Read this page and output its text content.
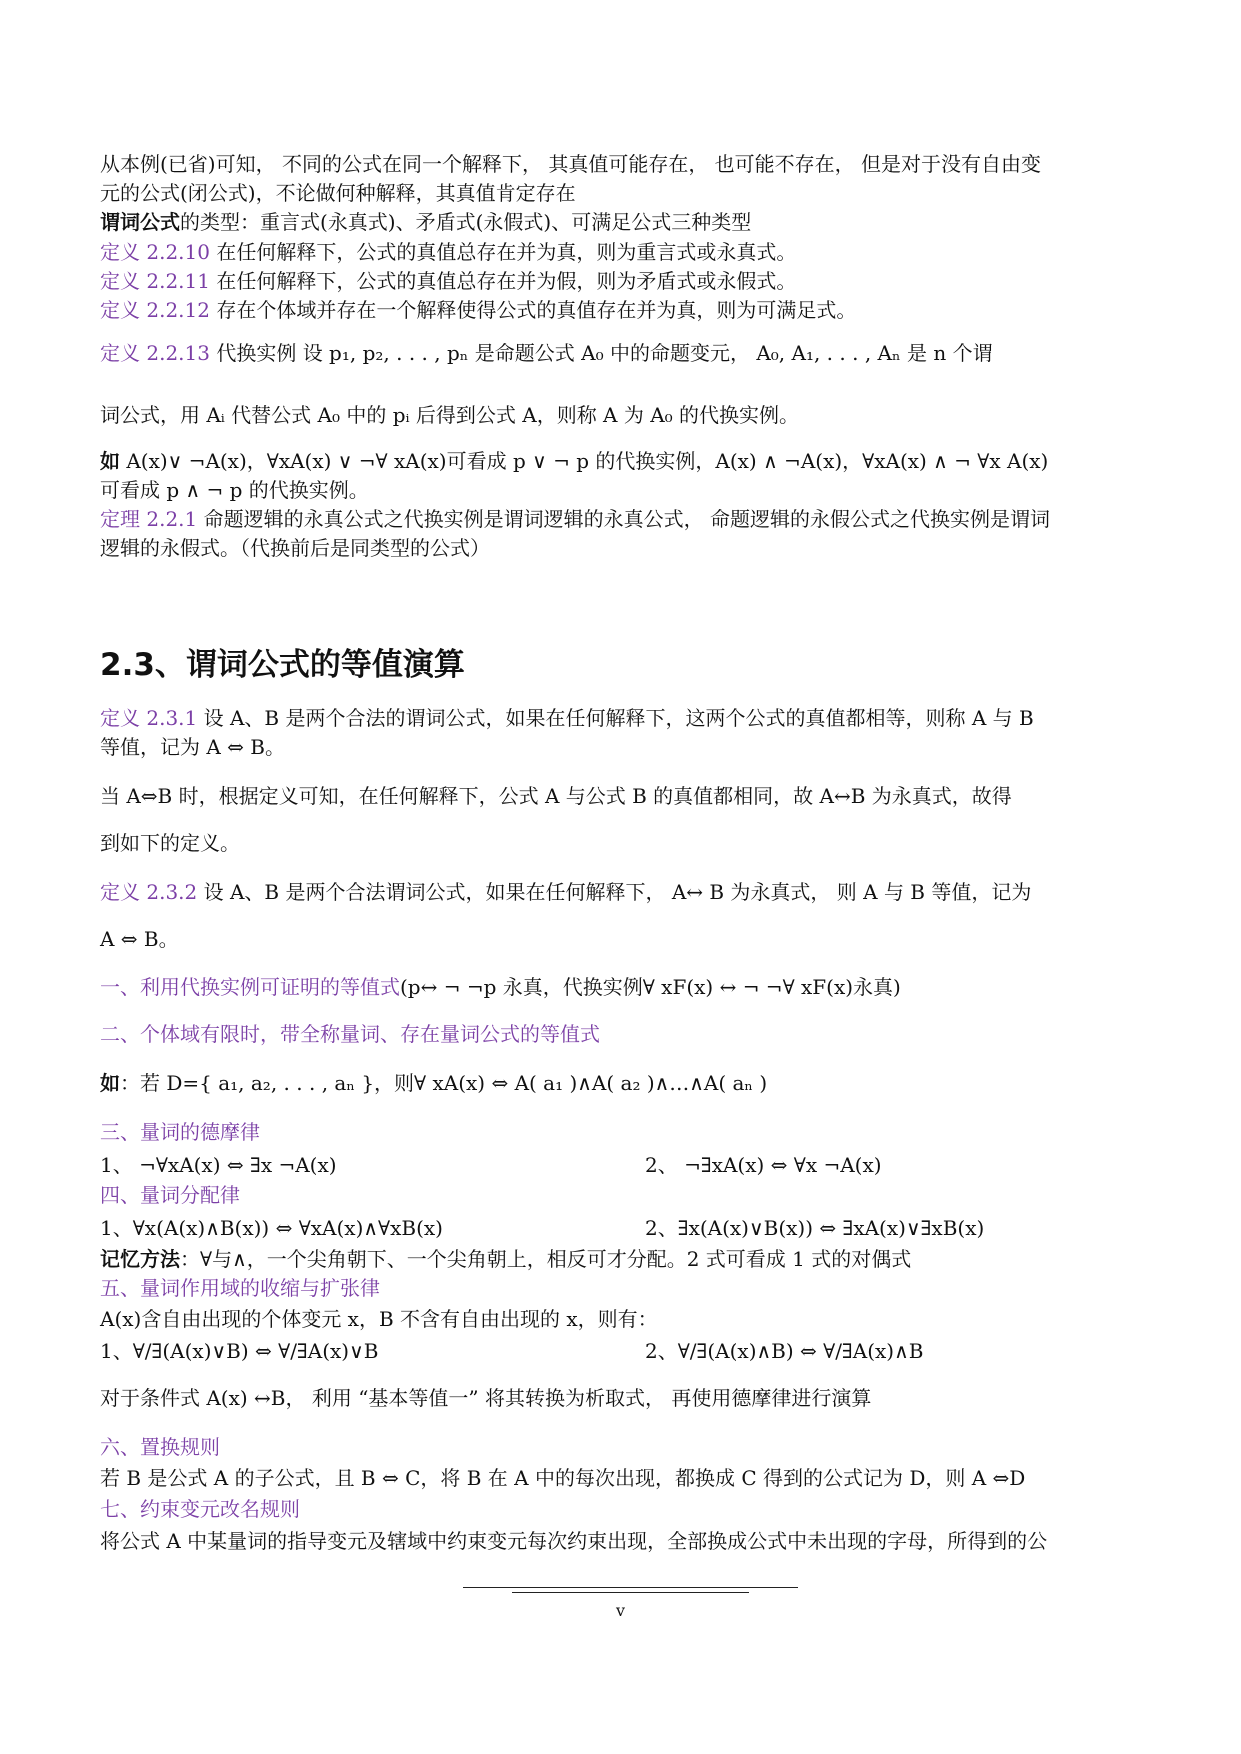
从本例(已省)可知， 不同的公式在同一个解释下， 其真值可能存在， 也可能不存在， 但是对于没有自由变
元的公式(闭公式)，不论做何种解释，其真值肯定存在
谓词公式的类型：重言式(永真式)、矛盾式(永假式)、可满足公式三种类型
定义 2.2.10 在任何解释下，公式的真值总存在并为真，则为重言式或永真式。
定义 2.2.11 在任何解释下，公式的真值总存在并为假，则为矛盾式或永假式。
定义 2.2.12 存在个体域并存在一个解释使得公式的真值存在并为真，则为可满足式。
定义 2.2.13 代换实例 设 p₁, p₂, . . . , pₙ 是命题公式 A₀ 中的命题变元， A₀, A₁, . . . , Aₙ 是 n 个谓
词公式，用 Aᵢ 代替公式 A₀ 中的 pᵢ 后得到公式 A，则称 A 为 A₀ 的代换实例。
如 A(x)∨ ¬A(x)，∀xA(x) ∨ ¬∀ xA(x)可看成 p ∨ ¬ p 的代换实例，A(x) ∧ ¬A(x)，∀xA(x) ∧ ¬ ∀x A(x)
可看成 p ∧ ¬ p 的代换实例。
定理 2.2.1 命题逻辑的永真公式之代换实例是谓词逻辑的永真公式， 命题逻辑的永假公式之代换实例是谓词
逻辑的永假式。（代换前后是同类型的公式）
2.3、谓词公式的等值演算
定义 2.3.1 设 A、B 是两个合法的谓词公式，如果在任何解释下，这两个公式的真值都相等，则称 A 与 B
等值，记为 A ⇔ B。
当 A⇔B 时，根据定义可知，在任何解释下，公式 A 与公式 B 的真值都相同，故 A↔B 为永真式，故得
到如下的定义。
定义 2.3.2 设 A、B 是两个合法谓词公式，如果在任何解释下， A↔ B 为永真式， 则 A 与 B 等值，记为
A ⇔ B。
一、利用代换实例可证明的等值式(p↔ ¬ ¬p 永真，代换实例∀ xF(x) ↔ ¬ ¬∀ xF(x)永真)
二、个体域有限时，带全称量词、存在量词公式的等值式
如：若 D={ a₁, a₂, . . . , aₙ }，则∀ xA(x) ⇔ A( a₁ )∧A( a₂ )∧…∧A( aₙ )
三、量词的德摩律
1、 ¬∀xA(x) ⇔ ∃x ¬A(x)	2、 ¬∃xA(x) ⇔ ∀x ¬A(x)
四、量词分配律
1、∀x(A(x)∧B(x)) ⇔ ∀xA(x)∧∀xB(x)	2、∃x(A(x)∨B(x)) ⇔ ∃xA(x)∨∃xB(x)
记忆方法：∀与∧，一个尖角朝下、一个尖角朝上，相反可才分配。2 式可看成 1 式的对偶式
五、量词作用域的收缩与扩张律
A(x)含自由出现的个体变元 x，B 不含有自由出现的 x，则有：
1、∀/∃(A(x)∨B) ⇔ ∀/∃A(x)∨B	2、∀/∃(A(x)∧B) ⇔ ∀/∃A(x)∧B
对于条件式 A(x) ↔B， 利用 “基本等值一” 将其转换为析取式， 再使用德摩律进行演算
六、置换规则
若 B 是公式 A 的子公式，且 B ⇔ C，将 B 在 A 中的每次出现，都换成 C 得到的公式记为 D，则 A ⇔D
七、约束变元改名规则
将公式 A 中某量词的指导变元及辖域中约束变元每次约束出现，全部换成公式中未出现的字母，所得到的公
v
